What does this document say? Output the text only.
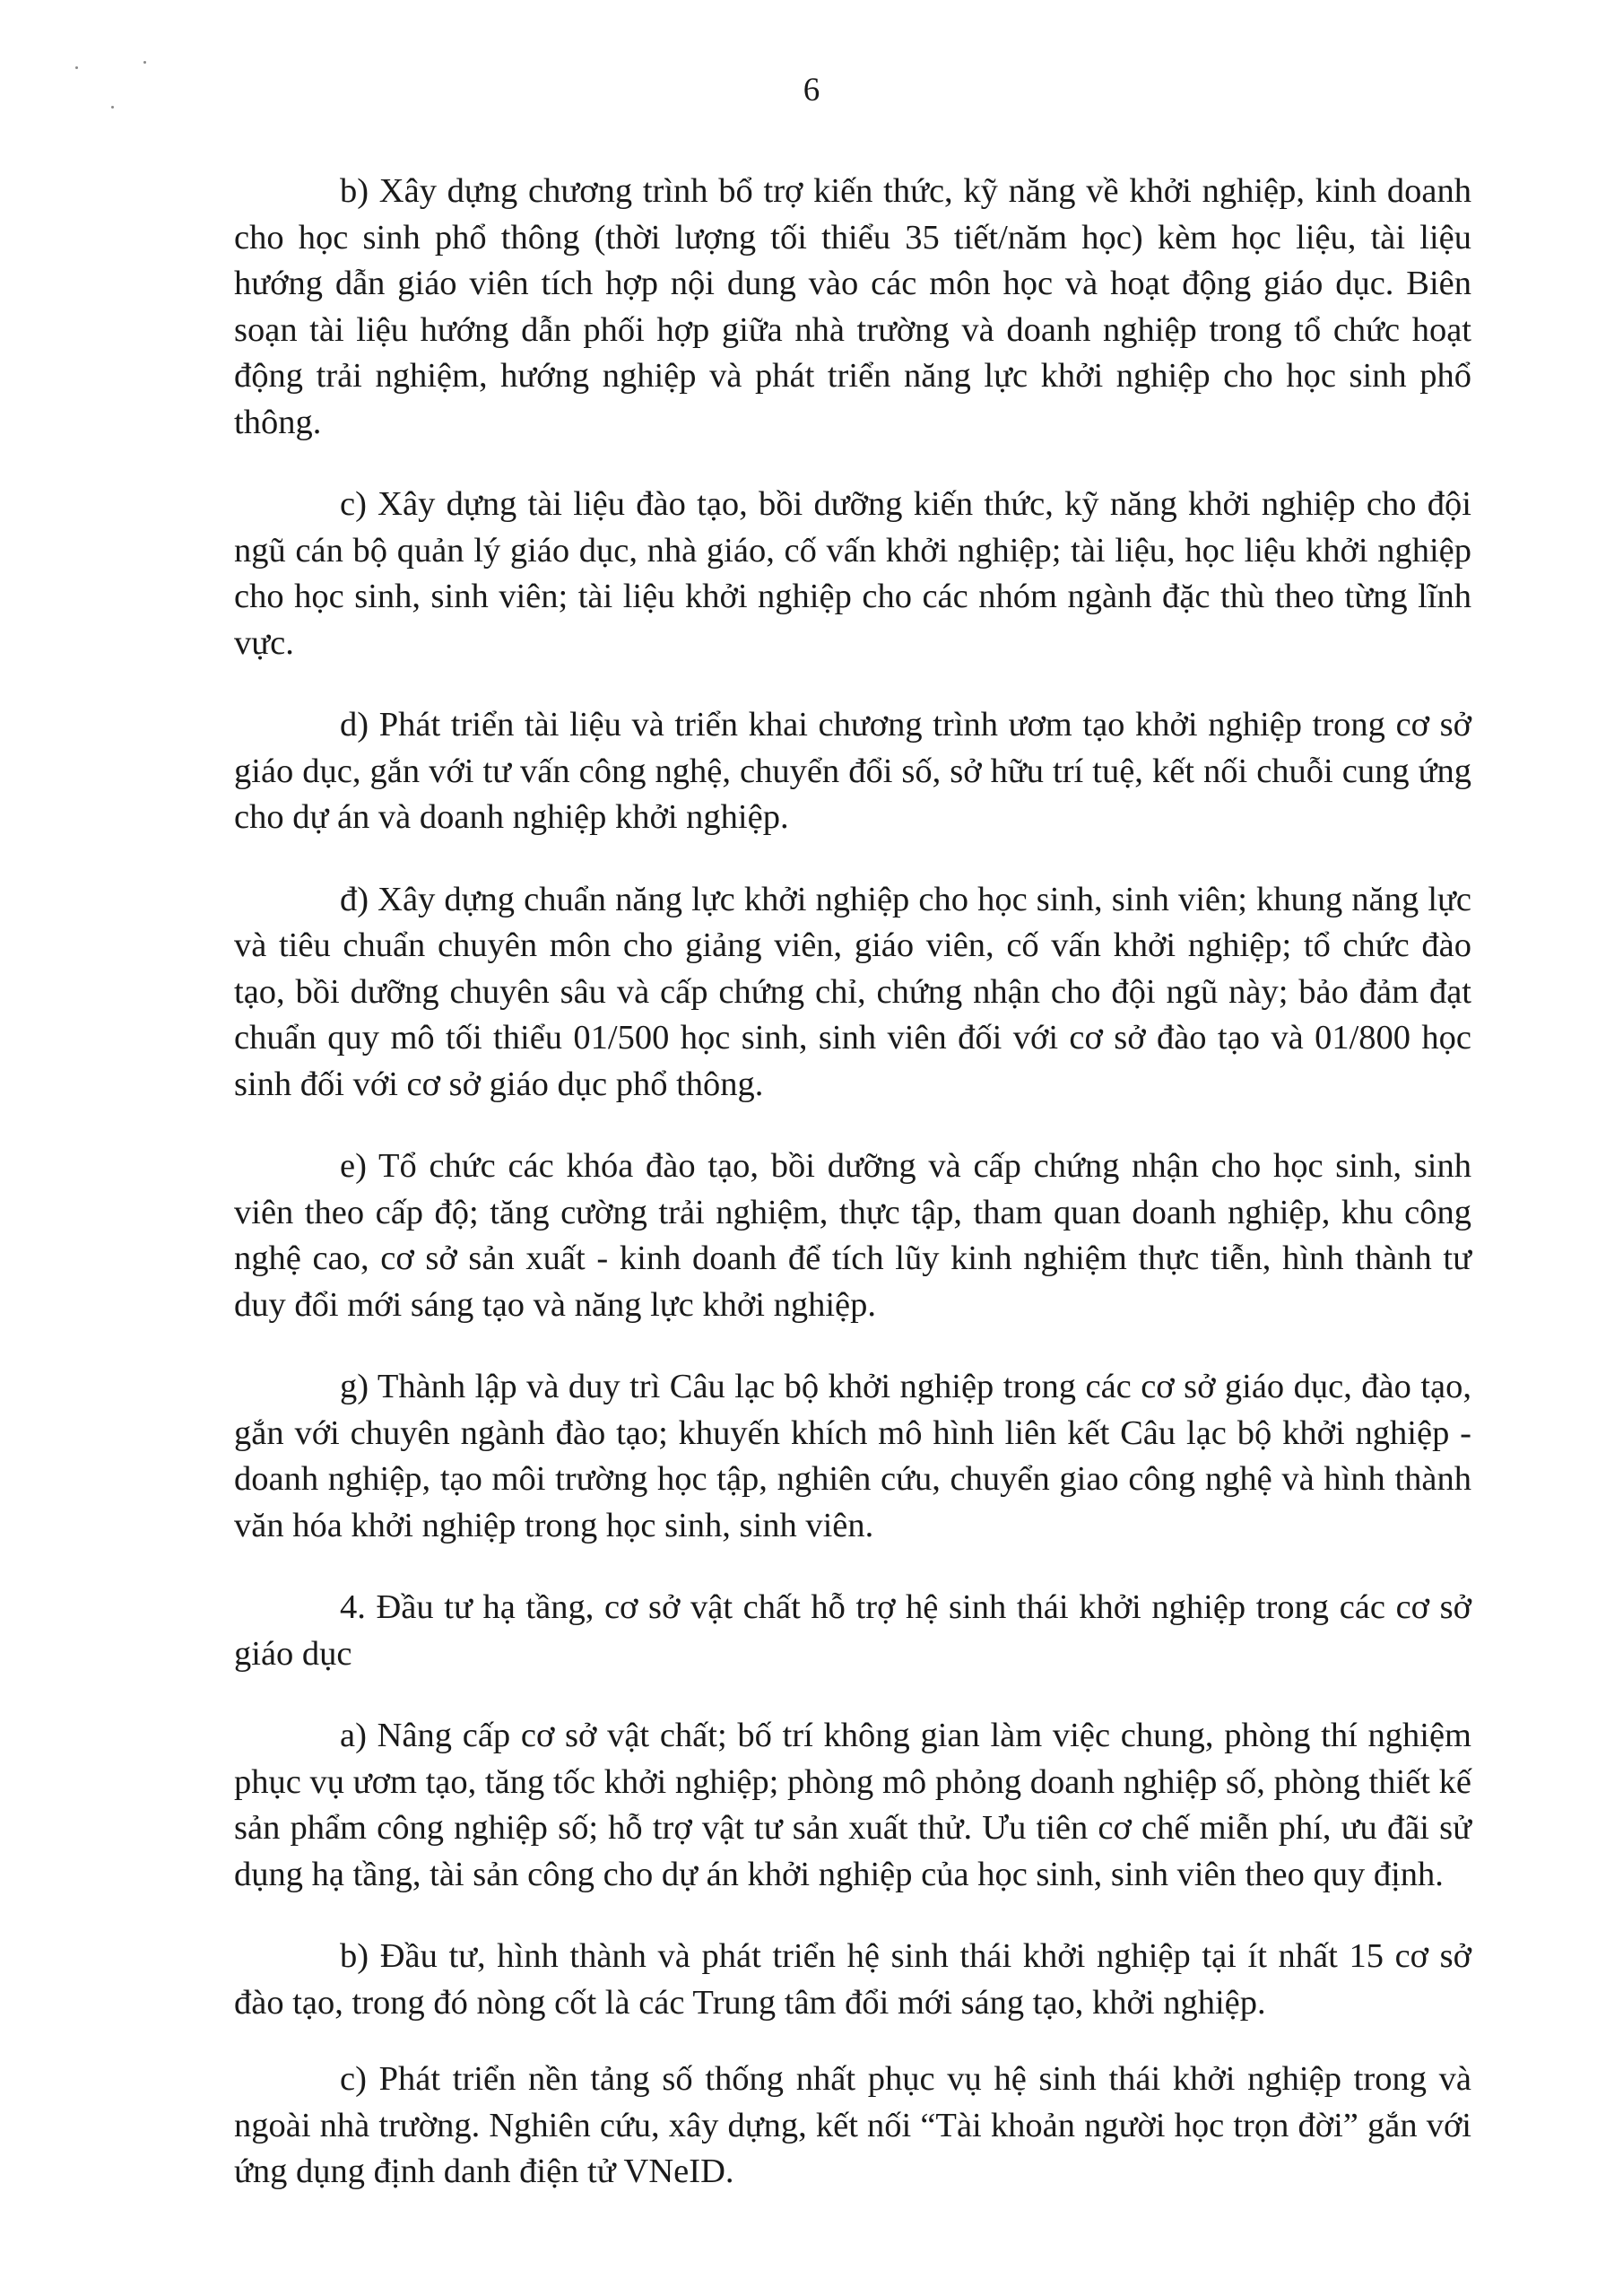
6

b) Xây dựng chương trình bổ trợ kiến thức, kỹ năng về khởi nghiệp, kinh doanh cho học sinh phổ thông (thời lượng tối thiểu 35 tiết/năm học) kèm học liệu, tài liệu hướng dẫn giáo viên tích hợp nội dung vào các môn học và hoạt động giáo dục. Biên soạn tài liệu hướng dẫn phối hợp giữa nhà trường và doanh nghiệp trong tổ chức hoạt động trải nghiệm, hướng nghiệp và phát triển năng lực khởi nghiệp cho học sinh phổ thông.

c) Xây dựng tài liệu đào tạo, bồi dưỡng kiến thức, kỹ năng khởi nghiệp cho đội ngũ cán bộ quản lý giáo dục, nhà giáo, cố vấn khởi nghiệp; tài liệu, học liệu khởi nghiệp cho học sinh, sinh viên; tài liệu khởi nghiệp cho các nhóm ngành đặc thù theo từng lĩnh vực.

d) Phát triển tài liệu và triển khai chương trình ươm tạo khởi nghiệp trong cơ sở giáo dục, gắn với tư vấn công nghệ, chuyển đổi số, sở hữu trí tuệ, kết nối chuỗi cung ứng cho dự án và doanh nghiệp khởi nghiệp.

đ) Xây dựng chuẩn năng lực khởi nghiệp cho học sinh, sinh viên; khung năng lực và tiêu chuẩn chuyên môn cho giảng viên, giáo viên, cố vấn khởi nghiệp; tổ chức đào tạo, bồi dưỡng chuyên sâu và cấp chứng chỉ, chứng nhận cho đội ngũ này; bảo đảm đạt chuẩn quy mô tối thiểu 01/500 học sinh, sinh viên đối với cơ sở đào tạo và 01/800 học sinh đối với cơ sở giáo dục phổ thông.

e) Tổ chức các khóa đào tạo, bồi dưỡng và cấp chứng nhận cho học sinh, sinh viên theo cấp độ; tăng cường trải nghiệm, thực tập, tham quan doanh nghiệp, khu công nghệ cao, cơ sở sản xuất - kinh doanh để tích lũy kinh nghiệm thực tiễn, hình thành tư duy đổi mới sáng tạo và năng lực khởi nghiệp.

g) Thành lập và duy trì Câu lạc bộ khởi nghiệp trong các cơ sở giáo dục, đào tạo, gắn với chuyên ngành đào tạo; khuyến khích mô hình liên kết Câu lạc bộ khởi nghiệp - doanh nghiệp, tạo môi trường học tập, nghiên cứu, chuyển giao công nghệ và hình thành văn hóa khởi nghiệp trong học sinh, sinh viên.

4. Đầu tư hạ tầng, cơ sở vật chất hỗ trợ hệ sinh thái khởi nghiệp trong các cơ sở giáo dục

a) Nâng cấp cơ sở vật chất; bố trí không gian làm việc chung, phòng thí nghiệm phục vụ ươm tạo, tăng tốc khởi nghiệp; phòng mô phỏng doanh nghiệp số, phòng thiết kế sản phẩm công nghiệp số; hỗ trợ vật tư sản xuất thử. Ưu tiên cơ chế miễn phí, ưu đãi sử dụng hạ tầng, tài sản công cho dự án khởi nghiệp của học sinh, sinh viên theo quy định.

b) Đầu tư, hình thành và phát triển hệ sinh thái khởi nghiệp tại ít nhất 15 cơ sở đào tạo, trong đó nòng cốt là các Trung tâm đổi mới sáng tạo, khởi nghiệp.

c) Phát triển nền tảng số thống nhất phục vụ hệ sinh thái khởi nghiệp trong và ngoài nhà trường. Nghiên cứu, xây dựng, kết nối “Tài khoản người học trọn đời” gắn với ứng dụng định danh điện tử VNeID.
